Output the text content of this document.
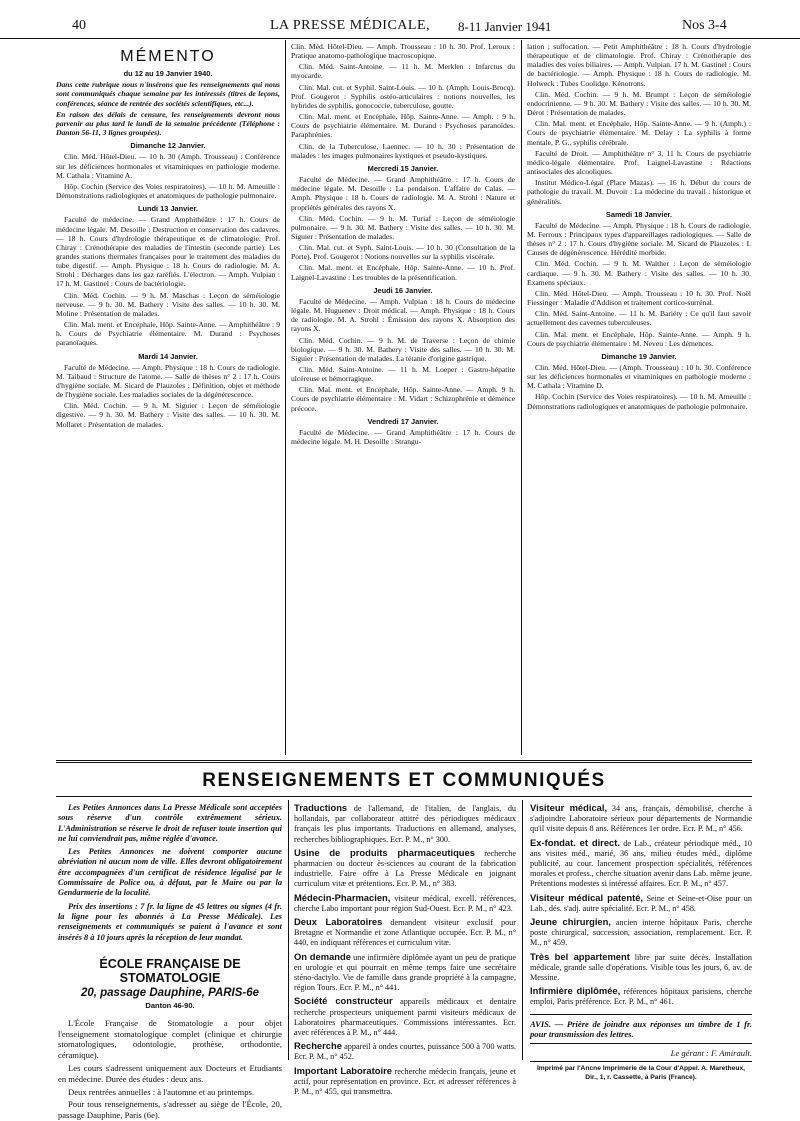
40	LA PRESSE MÉDICALE, 8-11 Janvier 1941	Nos 3-4
MÉMENTO
du 12 au 19 Janvier 1940.

Dans cette rubrique nous n'insérons que les renseignements qui nous sont communiqués chaque semaine par les intéressés (titres de leçons, conférences, séance de rentrée des sociétés scientifiques, etc...).

En raison des délais de censure, les renseignements devront nous parvenir au plus tard le lundi de la semaine précédente (Téléphone : Danton 56-11, 3 lignes groupées).

Dimanche 12 Janvier.

Clin. Méd. Hôtel-Dieu. — 10 h. 30 (Amph. Trousseau) : Conférence sur les déficiences hormonales et vitaminiques en pathologie moderne. M. Cathala : Vitamine A.

Hôp. Cochin (Service des Voies respiratoires). — 10 h. M. Ameuille : Démonstrations radiologiques et anatomiques de pathologie pulmonaire.

Lundi 13 Janvier.

Faculté de médecine. — Grand Amphithéâtre : 17 h. Cours de médecine légale. M. Desoille : Destruction et conservation des cadavres. — 18 h. Cours d'hydrologie thérapeutique et de climatologie. Prof. Chiray : Crénothérapie des maladies de l'intestin (seconde partie). Les grandes stations thermales françaises pour le traitement des maladies du tube digestif. — Amph. Physique : 18 h. Cours de radiologie. M. A. Strohl : Décharges dans les gaz raréfiés. L'électron. — Amph. Vulpian : 17 h. M. Gastinel : Cours de bactériologie.

Clin. Méd. Cochin. — 9 h. M. Maschas : Leçon de séméiologie nerveuse. — 9 h. 30. M. Bathery : Visite des salles. — 10 h. 30. M. Moline : Présentation de malades.

Clin. Mal. ment. et Encéphale, Hôp. Sainte-Anne. — Amphithéâtre : 9 h. Cours de Psychiatrie élémentaire. M. Durand : Psychoses paranoïaques.

Mardi 14 Janvier.

Faculté de Médecine. — Amph. Physique : 18 h. Cours de radiologie. M. Taibaud : Structure de l'atome. — Salle de thèses n° 2 : 17 h. Cours d'hygiène sociale. M. Sicard de Plauzoles : Définition, objet et méthode de l'hygiène sociale. Les maladies sociales de la dégénérescence.

Clin. Méd. Cochin. — 9 h. M. Siguier : Leçon de séméiologie digestive. — 9 h. 30. M. Bathery : Visite des salles. — 10 h. 30. M. Mollaret : Présentation de malades.

Clin. Méd. Hôtel-Dieu. — Amph. Trousseau : 10 h. 30. Prof. Leroux : Pratique anatomo-pathologique macroscopique.

Clin. Méd. Saint-Antoine. — 11 h. M. Merklen : Infarctus du myocarde.

Clin. Mal. cut. et Syphil. Saint-Louis. — 10 h. (Amph. Louis-Brocq). Prof. Gougerot : Syphilis ostéo-articulaires : notions nouvelles, les hybrides de syphilis, gonococcie, tuberculose, goutte.

Clin. Mal. ment. et Encéphale, Hôp. Sainte-Anne. — Amph. : 9 h. Cours de psychiatrie élémentaire. M. Durand : Psychoses paranoïdes. Paraphrénies.

Clin. de la Tuberculose, Laennec. — 10 h. 30 : Présentation de malades : les images pulmonaires kystiques et pseudo-kystiques.

Mercredi 15 Janvier.

Faculté de Médecine. — Grand Amphithéâtre : 17 h. Cours de médecine légale. M. Desoille : La pendaison. L'affaire de Calas. — Amph. Physique : 18 h. Cours de radiologie. M. A. Strohl : Nature et propriétés générales des rayons X.

Clin. Méd. Cochin. — 9 h. M. Turiaf : Leçon de séméiologie pulmonaire. — 9 h. 30. M. Bathery : Visite des salles. — 10 h. 30. M. Siguier : Présentation de malades.

Clin. Mal. cut. et Syph. Saint-Louis. — 10 h. 30 (Consultation de la Porte). Prof. Gougerot : Notions nouvelles sur la syphilis viscérale.

Clin. Mal. ment. et Encéphale, Hôp. Sainte-Anne. — 10 h. Prof. Laignel-Lavastine : Les troubles de la présentification.

Jeudi 16 Janvier.

Faculté de Médecine. — Amph. Vulpian : 18 h. Cours de médecine légale. M. Huguenev : Droit médical. — Amph. Physique : 18 h. Cours de radiologie. M. A. Strohl : Émission des rayons X. Absorption des rayons X.

Clin. Méd. Cochin. — 9 h. M. de Traverse : Leçon de chimie biologique. — 9 h. 30. M. Bathery : Visite des salles. — 10 h. 30. M. Siguier : Présentation de malades. La tétanie d'origine gastrique.

Clin. Méd. Saint-Antoine. — 11 h. M. Loeper : Gastro-hépatite ulcéreuse et hémorragique.

Clin. Mal. ment. et Encéphale, Hôp. Sainte-Anne. — Amph. 9 h. Cours de psychiatrie élémentaire : M. Vidart : Schizophrénie et démence précoce.

Vendredi 17 Janvier.

Faculté de Médecine. — Grand Amphithéâtre : 17 h. Cours de médecine légale. M. H. Desoille : Strangu-

lation ; suffocation. — Petit Amphithéâtre : 18 h. Cours d'hydrologie thérapeutique et de climatologie. Prof. Chiray : Crénothérapie des maladies des voies biliaires. — Amph. Vulpian. 17 h. M. Gastinel : Cours de bactériologie. — Amph. Physique : 18 h. Cours de radiologie. M. Holweck : Tubes Coolidge. Kénotrons.

Clin. Méd. Cochin. — 9 h. M. Brumpt : Leçon de séméiologie endocrinienne. — 9 h. 30. M. Bathery : Visite des salles. — 10 h. 30. M. Dérot : Présentation de malades.

Clin. Mal. ment. et Encéphale, Hôp. Sainte-Anne. — 9 h. (Amph.) : Cours de psychiatrie élémentaire. M. Delay : La syphilis à forme mentale, P. G., syphilis cérébrale.

Faculté de Droit. — Amphithéâtre n° 3, 11 h. Cours de psychiatrie médico-légale élémentaire. Prof. Laignel-Lavastine : Réactions antisociales des alcooliques.

Institut Médico-Légal (Place Mazas). — 16 h. Début du cours de pathologie du travail. M. Duvoir : La médecine du travail : historique et généralités.

Samedi 18 Janvier.

Faculté de Médecine. — Amph. Physique : 18 h. Cours de radiologie. M. Ferroux : Principaux types d'appareillages radiologiques. — Salle de thèses n° 2 : 17 h. Cours d'hygiène sociale. M. Sicard de Plauzoles : I. Causes de dégénérescence. Hérédité morbide.

Clin. Méd. Cochin. — 9 h. M. Walther : Leçon de séméiologie cardiaque. — 9 h. 30. M. Bathery : Visite des salles. — 10 h. 30. Examens spéciaux.

Clin. Méd. Hôtel-Dieu. — Amph. Trousseau : 10 h. 30. Prof. Noël Fiessinger : Maladie d'Addison et traitement cortico-surrénal.

Clin. Méd. Saint-Antoine. — 11 h. M. Bariéty : Ce qu'il faut savoir actuellement des cavernes tuberculeuses.

Clin. Mal. ment. et Encéphale, Hôp. Sainte-Anne. — Amph. 9 h. Cours de psychiatrie élémentaire : M. Neveu : Les démences.

Dimanche 19 Janvier.

Clin. Méd. Hôtel-Dieu. — (Amph. Trousseau) : 10 h. 30. Conférence sur les déficiences hormonales et vitaminiques en pathologie moderne : M. Cathala : Vitamine D.

Hôp. Cochin (Service des Voies respiratoires). — 10 h. M. Ameuille : Démonstrations radiologiques et anatomiques de pathologie pulmonaire.

RENSEIGNEMENTS ET COMMUNIQUÉS

Les Petites Annonces dans La Presse Médicale sont acceptées sous réserve d'un contrôle extrêmement sérieux. L'Administration se réserve le droit de refuser toute insertion qui ne lui conviendrait pas, même réglée d'avance.

Les Petites Annonces ne doivent comporter aucune abréviation ni aucun nom de ville. Elles devront obligatoirement être accompagnées d'un certificat de résidence légalisé par le Commissaire de Police ou, à défaut, par le Maire ou par la Gendarmerie de la localité.

Prix des insertions : 7 fr. la ligne de 45 lettres ou signes (4 fr. la ligne pour les abonnés à La Presse Médicale). Les renseignements et communiqués se paient à l'avance et sont insérés 8 à 10 jours après la réception de leur mandat.

ÉCOLE FRANÇAISE DE STOMATOLOGIE
20, passage Dauphine, PARIS-6e
Danton 46-90.

L'École Française de Stomatologie a pour objet l'enseignement stomatologique complet (clinique et chirurgie stomatologiques, odontologie, prothèse, orthodontie, céramique).

Les cours s'adressent uniquement aux Docteurs et Etudiants en médecine. Durée des études : deux ans.

Deux rentrées annuelles : à l'automne et au printemps.

Pour tous renseignements, s'adresser au siège de l'École, 20, passage Dauphine, Paris (6e).

Traductions de l'allemand, de l'italien, de l'anglais, du hollandais, par collaborateur attitré des périodiques médicaux français les plus importants. Traductions en allemand, analyses, recherches bibliographiques. Ecr. P. M., n° 300.

Usine de produits pharmaceutiques recherche pharmacien ou docteur ès-sciences au courant de la fabrication industrielle. Faire offre à La Presse Médicale en joignant curriculum vitæ et prétentions. Ecr. P. M., n° 383.

Médecin-Pharmacien, visiteur médical, excell. références, cherche Labo important pour région Sud-Ouest. Ecr. P. M., n° 423.

Deux Laboratoires demandent visiteur exclusif pour Bretagne et Normandie et zone Atlantique occupée. Ecr. P. M., n° 440, en indiquant références et curriculum vitæ.

On demande une infirmière diplômée ayant un peu de pratique en urologie et qui pourrait en même temps faire une secrétaire sténo-dactylo. Vie de famille dans grande propriété à la campagne, région Tours. Ecr. P. M., n° 441.

Société constructeur appareils médicaux et dentaire recherche prospecteurs uniquement parmi visiteurs médicaux de Laboratoires pharmaceutiques. Commissions intéressantes. Ecr. avec références à P. M., n° 444.

Recherche appareil à ondes courtes, puissance 500 à 700 watts. Ecr. P. M., n° 452.

Important Laboratoire recherche médecin français, jeune et actif, pour représentation en province. Ecr. et adresser références à P. M., n° 455, qui transmettra.

Visiteur médical, 34 ans, français, démobilisé, cherche à s'adjoindre Laboratoire sérieux pour départements de Normandie qu'il visite depuis 8 ans. Références 1er ordre. Ecr. P. M., n° 456.

Ex-fondat. et direct. de Lab., créateur périodique méd., 10 ans visites méd., marié, 36 ans, milieu études méd., diplôme publicité, au cour. lancement prospection spécialités, références morales et profess., cherche situation avenir dans Lab. même jeune. Prétentions modestes si intéressé affaires. Ecr. P. M., n° 457.

Visiteur médical patenté, Seine et Seine-et-Oise pour un Lab., dés. s'adj. autre spécialité. Ecr. P. M., n° 458.

Jeune chirurgien, ancien interne hôpitaux Paris, cherche poste chirurgical, succession, association, remplacement. Ecr. P. M., n° 459.

Très bel appartement libre par suite décès. Installation médicale, grande salle d'opérations. Visible tous les jours, 6, av. de Messine.

Infirmière diplômée, références hôpitaux parisiens, cherche emploi, Paris préférence. Ecr. P. M., n° 461.

AVIS. — Prière de joindre aux réponses un timbre de 1 fr. pour transmission des lettres.
Le gérant : F. Amirault.
Imprimé par l'Ancne Imprimerie de la Cour d'Appel. A. Maretheux, Dir., 1, r. Cassette, à Paris (France).
